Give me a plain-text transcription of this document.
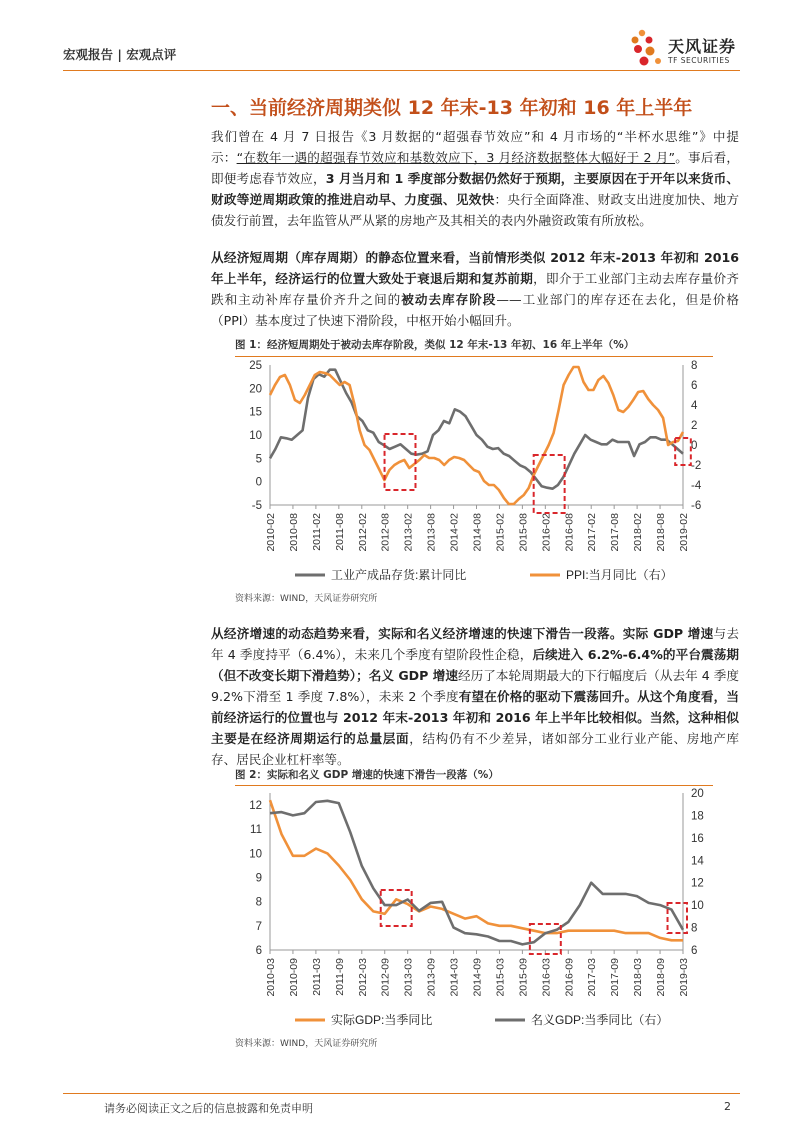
宏观报告 | 宏观点评	天风证券
TF SECURITIES
一、当前经济周期类似 12 年末-13 年初和 16 年上半年
我们曾在 4 月 7 日报告《3 月数据的“超强春节效应”和 4 月市场的“半杯水思维”》中提示：“在数年一遇的超强春节效应和基数效应下，3 月经济数据整体大幅好于 2 月”。事后看，即便考虑春节效应，3 月当月和 1 季度部分数据仍然好于预期，主要原因在于开年以来货币、财政等逆周期政策的推进启动早、力度强、见效快：央行全面降准、财政支出进度加快、地方债发行前置，去年监管从严从紧的房地产及其相关的表内外融资政策有所放松。
从经济短周期（库存周期）的静态位置来看，当前情形类似 2012 年末-2013 年初和 2016 年上半年，经济运行的位置大致处于衰退后期和复苏前期，即介于工业部门主动去库存量价齐跌和主动补库存量价齐升之间的被动去库存阶段——工业部门的库存还在去化，但是价格（PPI）基本度过了快速下滑阶段，中枢开始小幅回升。
图 1：经济短周期处于被动去库存阶段，类似 12 年末-13 年初、16 年上半年（%）
-5
0
5
10
15
20
25
-6
-4
-2
0
2
4
6
8
2010-02 2010-08 2011-02 2011-08 2012-02 2012-08 2013-02 2013-08 2014-02 2014-08 2015-02 2015-08 2016-02 2016-08 2017-02 2017-08 2018-02 2018-08 2019-02
工业产成品存货:累计同比	PPI:当月同比（右）
资料来源：WIND，天风证券研究所
从经济增速的动态趋势来看，实际和名义经济增速的快速下滑告一段落。实际 GDP 增速与去年 4 季度持平（6.4%），未来几个季度有望阶段性企稳，后续进入 6.2%-6.4%的平台震荡期（但不改变长期下滑趋势）；名义 GDP 增速经历了本轮周期最大的下行幅度后（从去年 4 季度 9.2%下滑至 1 季度 7.8%），未来 2 个季度有望在价格的驱动下震荡回升。从这个角度看，当前经济运行的位置也与 2012 年末-2013 年初和 2016 年上半年比较相似。当然，这种相似主要是在经济周期运行的总量层面，结构仍有不少差异，诸如部分工业行业产能、房地产库存、居民企业杠杆率等。
图 2：实际和名义 GDP 增速的快速下滑告一段落（%）
6
7
8
9
10
11
12
6
8
10
12
14
16
18
20
2010-03 2010-09 2011-03 2011-09 2012-03 2012-09 2013-03 2013-09 2014-03 2014-09 2015-03 2015-09 2016-03 2016-09 2017-03 2017-09 2018-03 2018-09 2019-03
实际GDP:当季同比	名义GDP:当季同比（右）
资料来源：WIND，天风证券研究所
请务必阅读正文之后的信息披露和免责申明	2
